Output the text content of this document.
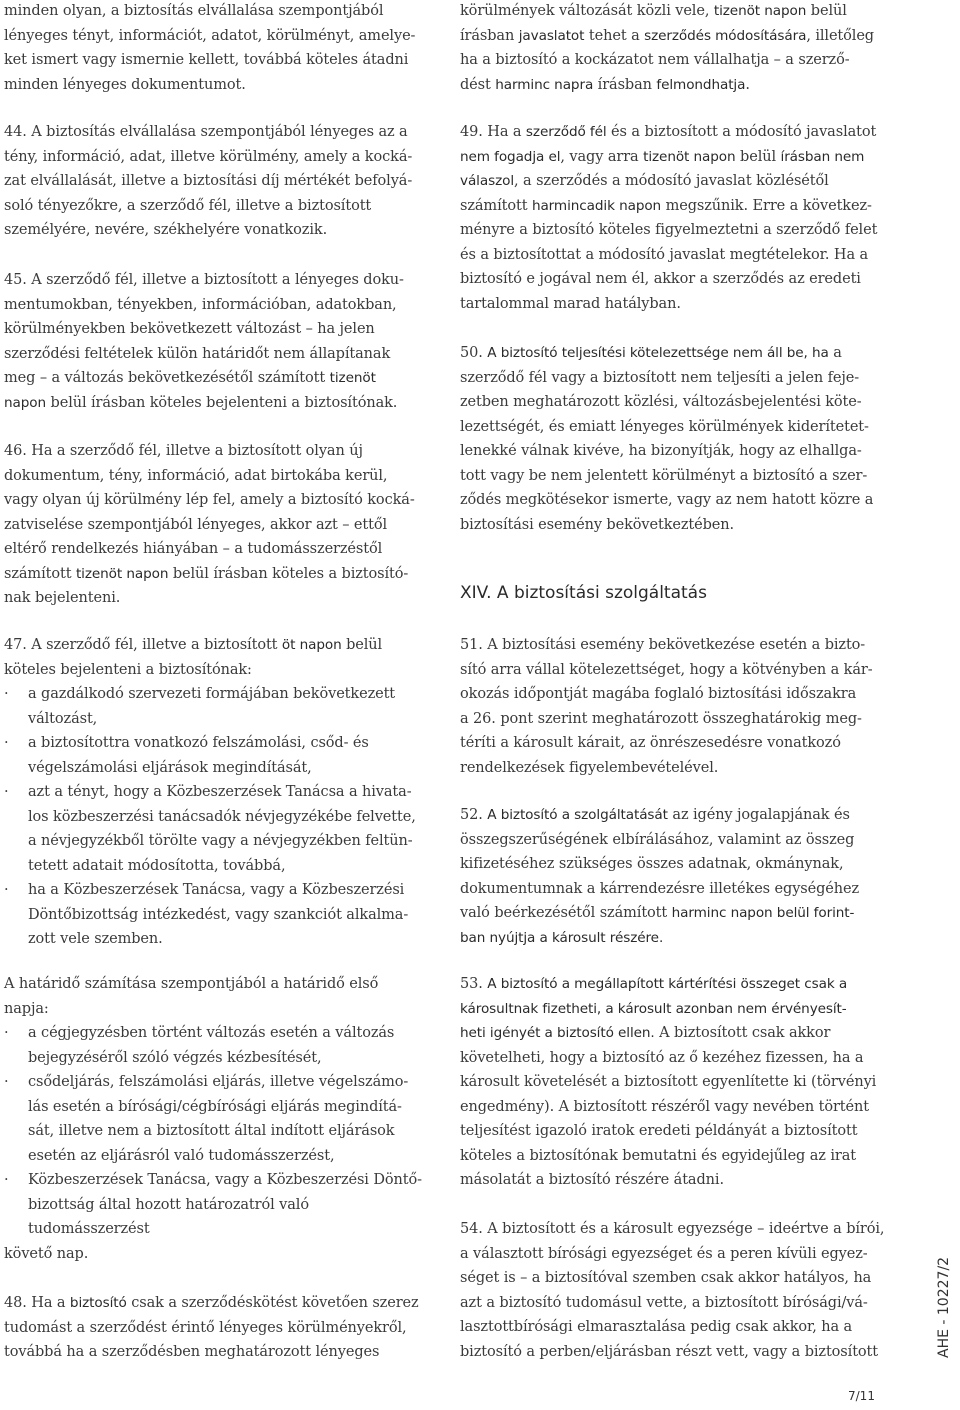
minden olyan, a biztosítás elvállalása szempontjából
lényeges tényt, információt, adatot, körülményt, amelye-
ket ismert vagy ismernie kellett, továbbá köteles átadni
minden lényeges dokumentumot.
44. A biztosítás elvállalása szempontjából lényeges az a
tény, információ, adat, illetve körülmény, amely a kocká-
zat elvállalását, illetve a biztosítási díj mértékét befolyá-
soló tényezőkre, a szerződő fél, illetve a biztosított
személyére, nevére, székhelyére vonatkozik.
45. A szerződő fél, illetve a biztosított a lényeges doku-
mentumokban, tényekben, információban, adatokban,
körülményekben bekövetkezett változást – ha jelen
szerződési feltételek külön határidőt nem állapítanak
meg – a változás bekövetkezésétől számított tizenöt
napon belül írásban köteles bejelenteni a biztosítónak.
46. Ha a szerződő fél, illetve a biztosított olyan új
dokumentum, tény, információ, adat birtokába kerül,
vagy olyan új körülmény lép fel, amely a biztosító kocká-
zatviselése szempontjából lényeges, akkor azt – ettől
eltérő rendelkezés hiányában – a tudomásszerzéstől
számított tizenöt napon belül írásban köteles a biztosító-
nak bejelenteni.
47. A szerződő fél, illetve a biztosított öt napon belül
köteles bejelenteni a biztosítónak:
· a gazdálkodó szervezeti formájában bekövetkezett
változást,
· a biztosítottra vonatkozó felszámolási, csőd- és
végelszámolási eljárások megindítását,
· azt a tényt, hogy a Közbeszerzések Tanácsa a hivata-
los közbeszerzési tanácsadók névjegyzékébe felvette,
a névjegyzékből törölte vagy a névjegyzékben feltün-
tetett adatait módosította, továbbá,
· ha a Közbeszerzések Tanácsa, vagy a Közbeszerzési
Döntőbizottság intézkedést, vagy szankciót alkalma-
zott vele szemben.
A határidő számítása szempontjából a határidő első
napja:
· a cégjegyzésben történt változás esetén a változás
bejegyzéséről szóló végzés kézbesítését,
· csődeljárás, felszámolási eljárás, illetve végelszámo-
lás esetén a bírósági/cégbírósági eljárás megindítá-
sát, illetve nem a biztosított által indított eljárások
esetén az eljárásról való tudomásszerzést,
· Közbeszerzések Tanácsa, vagy a Közbeszerzési Döntő-
bizottság által hozott határozatról való
tudomásszerzést
követő nap.
48. Ha a biztosító csak a szerződéskötést követően szerez
tudomást a szerződést érintő lényeges körülményekről,
továbbá ha a szerződésben meghatározott lényeges
körülmények változását közli vele, tizenöt napon belül
írásban javaslatot tehet a szerződés módosítására, illetőleg
ha a biztosító a kockázatot nem vállalhatja – a szerző-
dést harminc napra írásban felmondhatja.
49. Ha a szerződő fél és a biztosított a módosító javaslatot
nem fogadja el, vagy arra tizenöt napon belül írásban nem
válaszol, a szerződés a módosító javaslat közlésétől
számított harmincadik napon megszűnik. Erre a következ-
ményre a biztosító köteles figyelmeztetni a szerződő felet
és a biztosítottat a módosító javaslat megtételekor. Ha a
biztosító e jogával nem él, akkor a szerződés az eredeti
tartalommal marad hatályban.
50. A biztosító teljesítési kötelezettsége nem áll be, ha a
szerződő fél vagy a biztosított nem teljesíti a jelen feje-
zetben meghatározott közlési, változásbejelentési köte-
lezettségét, és emiatt lényeges körülmények kiderítetet-
lenekké válnak kivéve, ha bizonyítják, hogy az elhallga-
tott vagy be nem jelentett körülményt a biztosító a szer-
ződés megkötésekor ismerte, vagy az nem hatott közre a
biztosítási esemény bekövetkeztében.
XIV. A biztosítási szolgáltatás
51. A biztosítási esemény bekövetkezése esetén a bizto-
sító arra vállal kötelezettséget, hogy a kötvényben a kár-
okozás időpontját magába foglaló biztosítási időszakra
a 26. pont szerint meghatározott összeghatárokig meg-
téríti a károsult kárait, az önrészesedésre vonatkozó
rendelkezések figyelembevételével.
52. A biztosító a szolgáltatását az igény jogalapjának és
összegszerűségének elbírálásához, valamint az összeg
kifizetéséhez szükséges összes adatnak, okmánynak,
dokumentumnak a kárrendezésre illetékes egységéhez
való beérkezésétől számított harminc napon belül forint-
ban nyújtja a károsult részére.
53. A biztosító a megállapított kártérítési összeget csak a
károsultnak fizetheti, a károsult azonban nem érvényesít-
heti igényét a biztosító ellen. A biztosított csak akkor
követelheti, hogy a biztosító az ő kezéhez fizessen, ha a
károsult követelését a biztosított egyenlítette ki (törvényi
engedmény). A biztosított részéről vagy nevében történt
teljesítést igazoló iratok eredeti példányát a biztosított
köteles a biztosítónak bemutatni és egyidejűleg az irat
másolatát a biztosító részére átadni.
54. A biztosított és a károsult egyezsége – ideértve a bírói,
a választott bírósági egyezséget és a peren kívüli egyez-
séget is – a biztosítóval szemben csak akkor hatályos, ha
azt a biztosító tudomásul vette, a biztosított bírósági/vá-
lasztottbírósági elmarasztalása pedig csak akkor, ha a
biztosító a perben/eljárásban részt vett, vagy a biztosított	AHE - 10227/2
7/11
